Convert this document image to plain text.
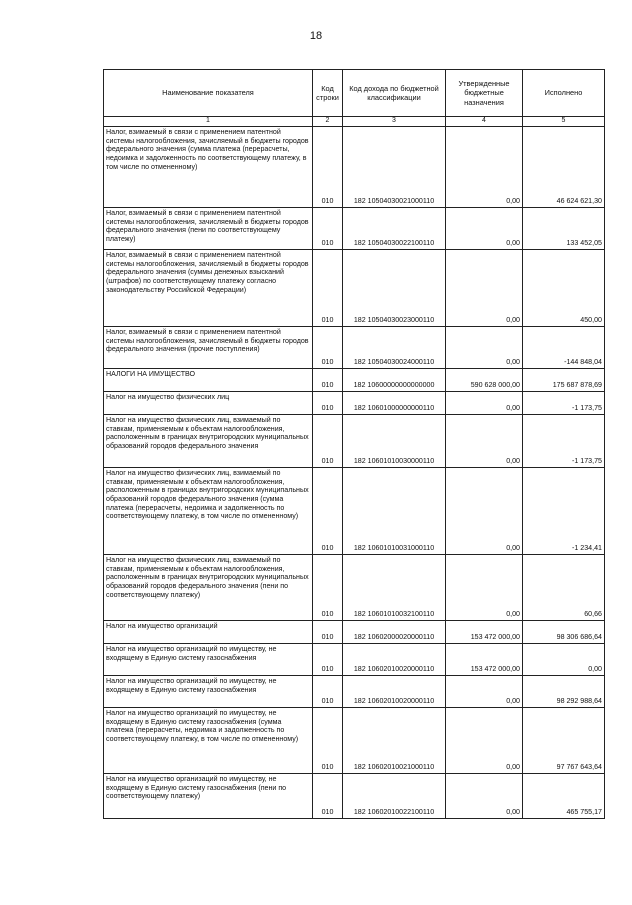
18
Наименование показателя	Код строки	Код дохода по бюджетной классификации	Утвержденные бюджетные назначения	Исполнено
1	2	3	4	5
Налог, взимаемый в связи с применением патентной системы налогообложения, зачисляемый в бюджеты городов федерального значения (сумма платежа (перерасчеты, недоимка и задолженность по соответствующему платежу, в том числе по отмененному)	010	182 10504030021000110	0,00	46 624 621,30
Налог, взимаемый в связи с применением патентной системы налогообложения, зачисляемый в бюджеты городов федерального значения (пени по соответствующему платежу)	010	182 10504030022100110	0,00	133 452,05
Налог, взимаемый в связи с применением патентной системы налогообложения, зачисляемый в бюджеты городов федерального значения (суммы денежных взысканий (штрафов) по соответствующему платежу согласно законодательству Российской Федерации)	010	182 10504030023000110	0,00	450,00
Налог, взимаемый в связи с применением патентной системы налогообложения, зачисляемый в бюджеты городов федерального значения (прочие поступления)	010	182 10504030024000110	0,00	-144 848,04
НАЛОГИ НА ИМУЩЕСТВО	010	182 10600000000000000	590 628 000,00	175 687 878,69
Налог на имущество физических лиц	010	182 10601000000000110	0,00	-1 173,75
Налог на имущество физических лиц, взимаемый по ставкам, применяемым к объектам налогообложения, расположенным в границах внутригородских муниципальных образований городов федерального значения	010	182 10601010030000110	0,00	-1 173,75
Налог на имущество физических лиц, взимаемый по ставкам, применяемым к объектам налогообложения, расположенным в границах внутригородских муниципальных образований городов федерального значения (сумма платежа (перерасчеты, недоимка и задолженность по соответствующему платежу, в том числе по отмененному)	010	182 10601010031000110	0,00	-1 234,41
Налог на имущество физических лиц, взимаемый по ставкам, применяемым к объектам налогообложения, расположенным в границах внутригородских муниципальных образований городов федерального значения (пени по соответствующему платежу)	010	182 10601010032100110	0,00	60,66
Налог на имущество организаций	010	182 10602000020000110	153 472 000,00	98 306 686,64
Налог на имущество организаций по имуществу, не входящему в Единую систему газоснабжения	010	182 10602010020000110	153 472 000,00	0,00
Налог на имущество организаций по имуществу, не входящему в Единую систему газоснабжения	010	182 10602010020000110	0,00	98 292 988,64
Налог на имущество организаций по имуществу, не входящему в Единую систему газоснабжения (сумма платежа (перерасчеты, недоимка и задолженность по соответствующему платежу, в том числе по отмененному)	010	182 10602010021000110	0,00	97 767 643,64
Налог на имущество организаций по имуществу, не входящему в Единую систему газоснабжения (пени по соответствующему платежу)	010	182 10602010022100110	0,00	465 755,17
